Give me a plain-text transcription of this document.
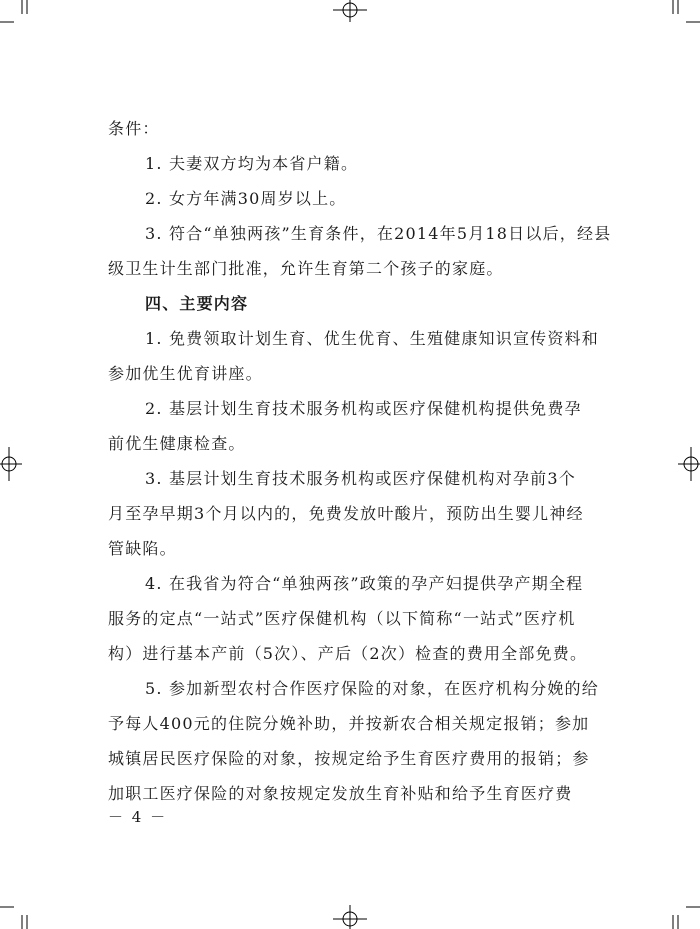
条件：
1. 夫妻双方均为本省户籍。
2. 女方年满30周岁以上。
3. 符合“单独两孩”生育条件，在2014年5月18日以后，经县
级卫生计生部门批准，允许生育第二个孩子的家庭。
四、主要内容
1. 免费领取计划生育、优生优育、生殖健康知识宣传资料和
参加优生优育讲座。
2. 基层计划生育技术服务机构或医疗保健机构提供免费孕
前优生健康检查。
3. 基层计划生育技术服务机构或医疗保健机构对孕前3个
月至孕早期3个月以内的，免费发放叶酸片，预防出生婴儿神经
管缺陷。
4. 在我省为符合“单独两孩”政策的孕产妇提供孕产期全程
服务的定点“一站式”医疗保健机构（以下简称“一站式”医疗机
构）进行基本产前（5次）、产后（2次）检查的费用全部免费。
5. 参加新型农村合作医疗保险的对象，在医疗机构分娩的给
予每人400元的住院分娩补助，并按新农合相关规定报销；参加
城镇居民医疗保险的对象，按规定给予生育医疗费用的报销；参
加职工医疗保险的对象按规定发放生育补贴和给予生育医疗费
－ 4 －
